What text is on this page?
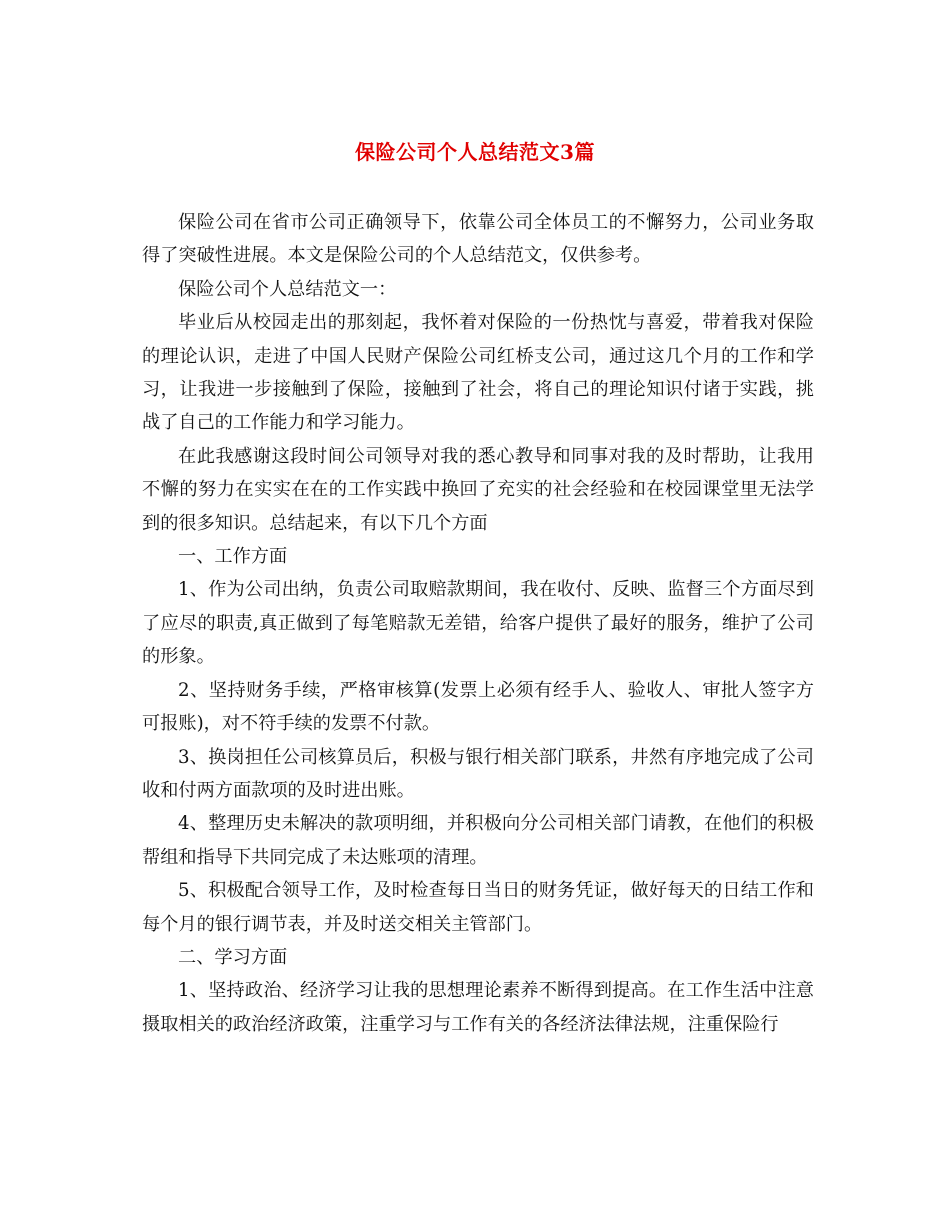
保险公司个人总结范文3篇

保险公司在省市公司正确领导下，依靠公司全体员工的不懈努力，公司业务取得了突破性进展。本文是保险公司的个人总结范文，仅供参考。

保险公司个人总结范文一：

毕业后从校园走出的那刻起，我怀着对保险的一份热忱与喜爱，带着我对保险的理论认识，走进了中国人民财产保险公司红桥支公司，通过这几个月的工作和学习，让我进一步接触到了保险，接触到了社会，将自己的理论知识付诸于实践，挑战了自己的工作能力和学习能力。

在此我感谢这段时间公司领导对我的悉心教导和同事对我的及时帮助，让我用不懈的努力在实实在在的工作实践中换回了充实的社会经验和在校园课堂里无法学到的很多知识。总结起来，有以下几个方面

一、工作方面

1、作为公司出纳，负责公司取赔款期间，我在收付、反映、监督三个方面尽到了应尽的职责,真正做到了每笔赔款无差错，给客户提供了最好的服务，维护了公司的形象。

2、坚持财务手续，严格审核算(发票上必须有经手人、验收人、审批人签字方可报账)，对不符手续的发票不付款。

3、换岗担任公司核算员后，积极与银行相关部门联系，井然有序地完成了公司收和付两方面款项的及时进出账。

4、整理历史未解决的款项明细，并积极向分公司相关部门请教，在他们的积极帮组和指导下共同完成了未达账项的清理。

5、积极配合领导工作，及时检查每日当日的财务凭证，做好每天的日结工作和每个月的银行调节表，并及时送交相关主管部门。

二、学习方面

1、坚持政治、经济学习让我的思想理论素养不断得到提高。在工作生活中注意摄取相关的政治经济政策，注重学习与工作有关的各经济法律法规，注重保险行
